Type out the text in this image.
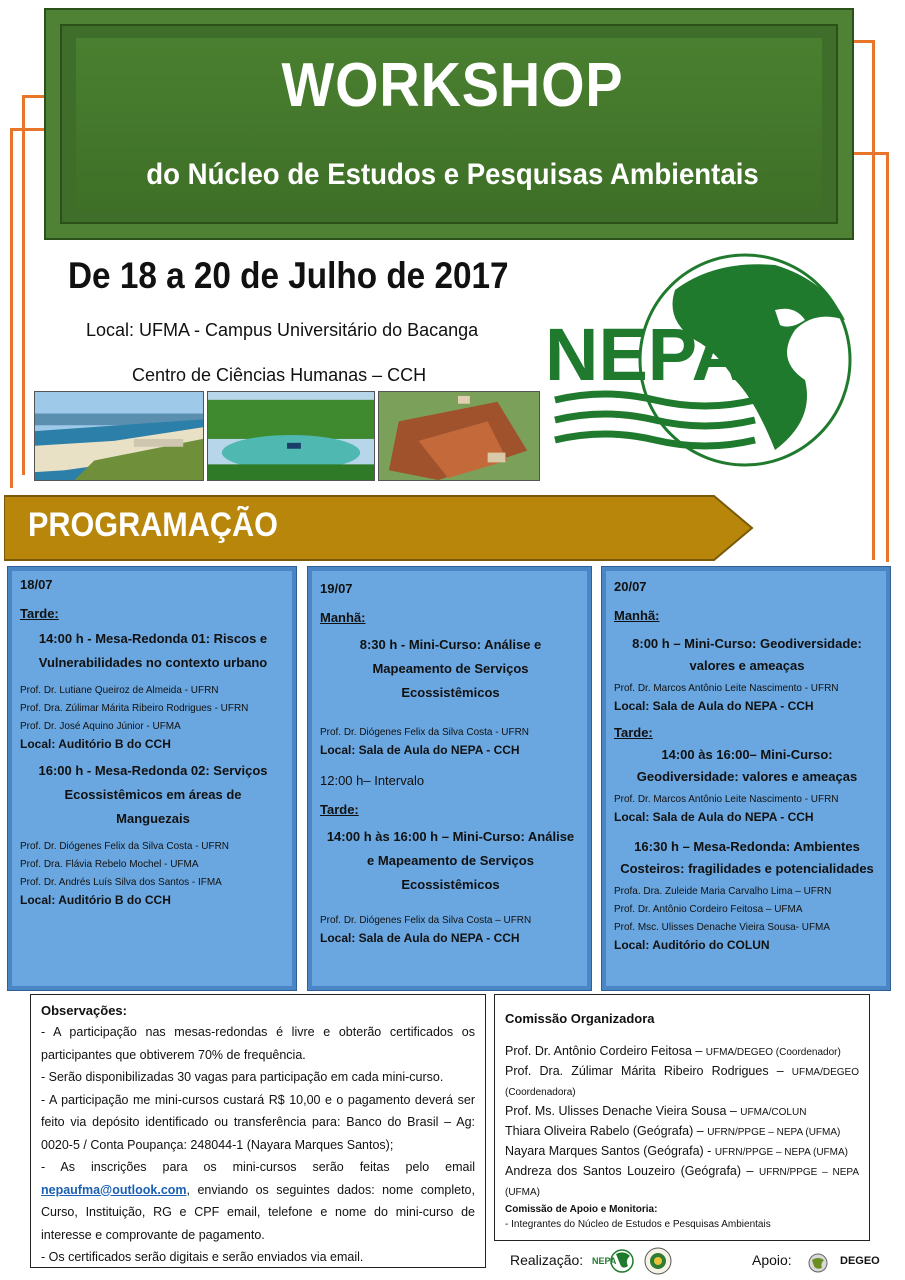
WORKSHOP
do Núcleo de Estudos e Pesquisas Ambientais
De 18 a 20 de Julho de 2017
Local: UFMA - Campus Universitário do Bacanga
Centro de Ciências Humanas – CCH NEPA
PROGRAMAÇÃO
18/07
Tarde:
14:00 h - Mesa-Redonda 01: Riscos e Vulnerabilidades no contexto urbano
Prof. Dr. Lutiane Queiroz de Almeida - UFRN
Prof. Dra. Zúlimar Márita Ribeiro Rodrigues - UFRN
Prof. Dr. José Aquino Júnior - UFMA
Local: Auditório B do CCH
16:00 h - Mesa-Redonda 02: Serviços Ecossistêmicos em áreas de Manguezais
Prof. Dr. Diógenes Felix da Silva Costa - UFRN
Prof. Dra. Flávia Rebelo Mochel - UFMA
Prof. Dr. Andrés Luís Silva dos Santos - IFMA
Local: Auditório B do CCH
19/07
Manhã:
8:30 h - Mini-Curso: Análise e Mapeamento de Serviços Ecossistêmicos
Prof. Dr. Diógenes Felix da Silva Costa - UFRN
Local: Sala de Aula do NEPA - CCH
12:00 h– Intervalo
Tarde:
14:00 h às 16:00 h – Mini-Curso: Análise e Mapeamento de Serviços Ecossistêmicos
Prof. Dr. Diógenes Felix da Silva Costa – UFRN
Local: Sala de Aula do NEPA - CCH
20/07
Manhã:
8:00 h – Mini-Curso: Geodiversidade: valores e ameaças
Prof. Dr. Marcos Antônio Leite Nascimento - UFRN
Local: Sala de Aula do NEPA - CCH
Tarde:
14:00 às 16:00– Mini-Curso: Geodiversidade: valores e ameaças
Prof. Dr. Marcos Antônio Leite Nascimento - UFRN
Local: Sala de Aula do NEPA - CCH
16:30 h – Mesa-Redonda: Ambientes Costeiros: fragilidades e potencialidades
Profa. Dra. Zuleide Maria Carvalho Lima – UFRN
Prof. Dr. Antônio Cordeiro Feitosa – UFMA
Prof. Msc. Ulisses Denache Vieira Sousa- UFMA
Local: Auditório do COLUN
Observações:
- A participação nas mesas-redondas é livre e obterão certificados os participantes que obtiverem 70% de frequência.
- Serão disponibilizadas 30 vagas para participação em cada mini-curso.
- A participação me mini-cursos custará R$ 10,00 e o pagamento deverá ser feito via depósito identificado ou transferência para: Banco do Brasil – Ag: 0020-5 / Conta Poupança: 248044-1 (Nayara Marques Santos);
- As inscrições para os mini-cursos serão feitas pelo email nepaufma@outlook.com, enviando os seguintes dados: nome completo, Curso, Instituição, RG e CPF email, telefone e nome do mini-curso de interesse e comprovante de pagamento.
- Os certificados serão digitais e serão enviados via email.
Comissão Organizadora
Prof. Dr. Antônio Cordeiro Feitosa – UFMA/DEGEO (Coordenador)
Prof. Dra. Zúlimar Márita Ribeiro Rodrigues – UFMA/DEGEO (Coordenadora)
Prof. Ms. Ulisses Denache Vieira Sousa – UFMA/COLUN
Thiara Oliveira Rabelo (Geógrafa) – UFRN/PPGE – NEPA (UFMA)
Nayara Marques Santos (Geógrafa) - UFRN/PPGE – NEPA (UFMA)
Andreza dos Santos Louzeiro (Geógrafa) – UFRN/PPGE – NEPA (UFMA)
Comissão de Apoio e Monitoria:
- Integrantes do Núcleo de Estudos e Pesquisas Ambientais
Realização: NEPA	Apoio:	DEGEO
